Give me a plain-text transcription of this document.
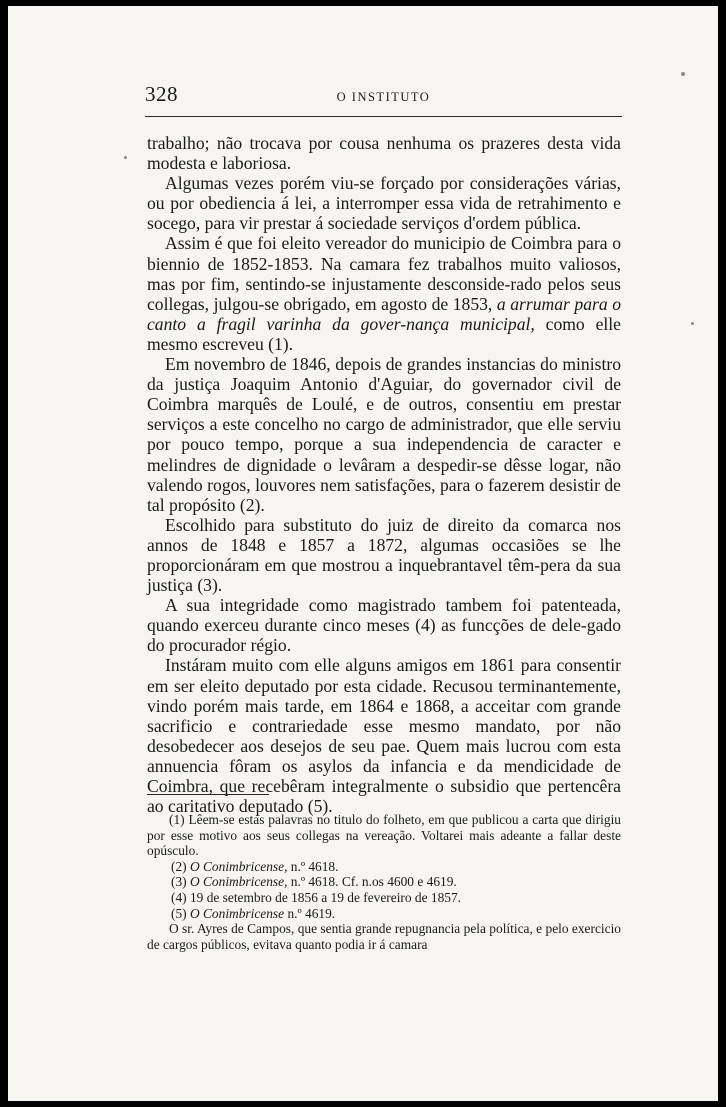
328	O INSTITUTO

trabalho; não trocava por cousa nenhuma os prazeres desta vida modesta e laboriosa.

Algumas vezes porém viu-se forçado por considerações várias, ou por obediencia á lei, a interromper essa vida de retrahimento e socego, para vir prestar á sociedade serviços d'ordem pública.

Assim é que foi eleito vereador do municipio de Coimbra para o biennio de 1852-1853. Na camara fez trabalhos muito valiosos, mas por fim, sentindo-se injustamente desconside-rado pelos seus collegas, julgou-se obrigado, em agosto de 1853, a arrumar para o canto a fragil varinha da gover-nança municipal, como elle mesmo escreveu (1).

Em novembro de 1846, depois de grandes instancias do ministro da justiça Joaquim Antonio d'Aguiar, do governador civil de Coimbra marquês de Loulé, e de outros, consentiu em prestar serviços a este concelho no cargo de administrador, que elle serviu por pouco tempo, porque a sua independencia de caracter e melindres de dignidade o levâram a despedir-se dêsse logar, não valendo rogos, louvores nem satisfações, para o fazerem desistir de tal propósito (2).

Escolhido para substituto do juiz de direito da comarca nos annos de 1848 e 1857 a 1872, algumas occasiões se lhe proporcionáram em que mostrou a inquebrantavel têm-pera da sua justiça (3).

A sua integridade como magistrado tambem foi patenteada, quando exerceu durante cinco meses (4) as funcções de dele-gado do procurador régio.

Instáram muito com elle alguns amigos em 1861 para consentir em ser eleito deputado por esta cidade. Recusou terminantemente, vindo porém mais tarde, em 1864 e 1868, a acceitar com grande sacrificio e contrariedade esse mesmo mandato, por não desobedecer aos desejos de seu pae. Quem mais lucrou com esta annuencia fôram os asylos da infancia e da mendicidade de Coimbra, que recebêram integralmente o subsidio que pertencêra ao caritativo deputado (5).

(1) Lêem-se estas palavras no titulo do folheto, em que publicou a carta que dirigiu por esse motivo aos seus collegas na vereação. Voltarei mais adeante a fallar deste opúsculo.

(2) O Conimbricense, n.º 4618.

(3) O Conimbricense, n.º 4618. Cf. n.os 4600 e 4619.

(4) 19 de setembro de 1856 a 19 de fevereiro de 1857.

(5) O Conimbricense n.º 4619.

O sr. Ayres de Campos, que sentia grande repugnancia pela política, e pelo exercicio de cargos públicos, evitava quanto podia ir á camara
